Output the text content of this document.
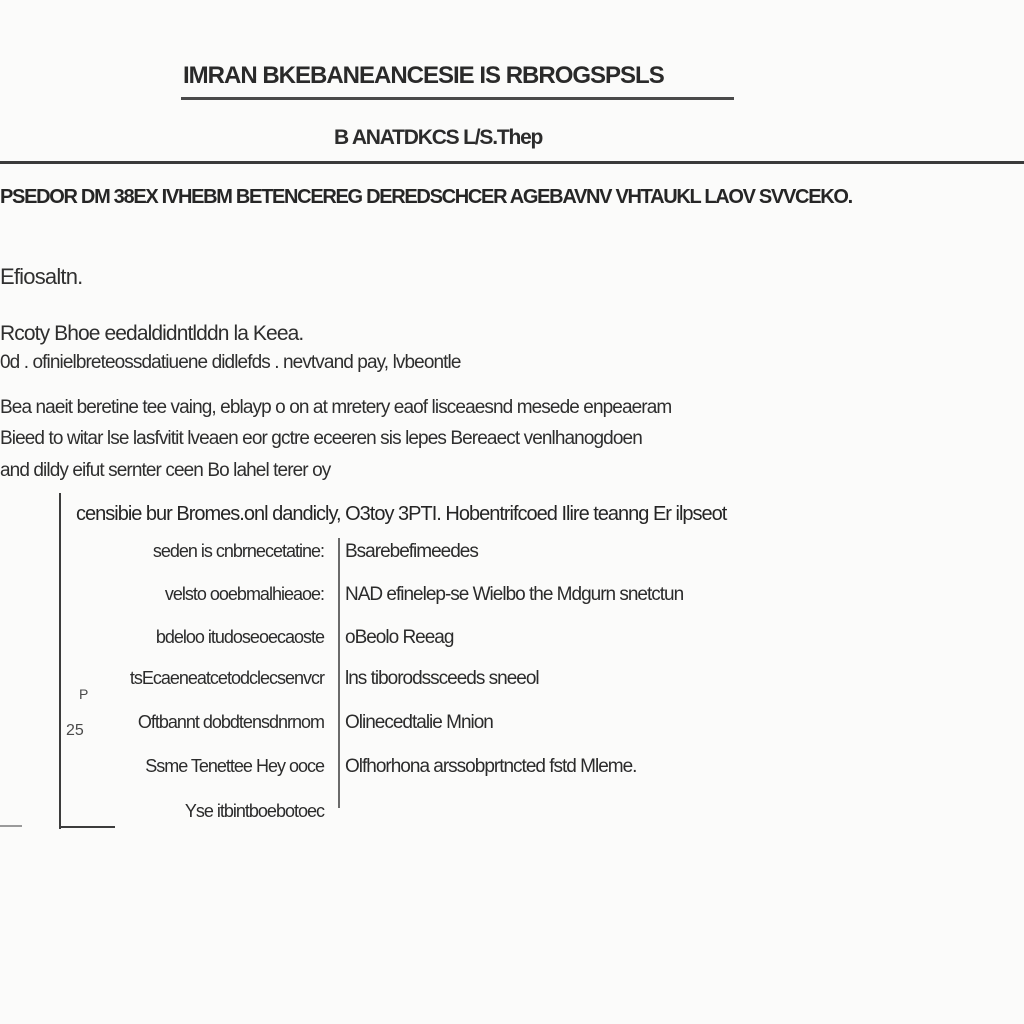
IMRAN BKEBANEANCESIE IS RBROGSPSLS
B ANATDKCS L/S.Thep
PSEDOR DM 38EX IVHEBM BETENCEREG DEREDSCHCER AGEBAVNV VHTAUKL LAOV SVVCEKO.
Efiosaltn.
Rcoty Bhoe eedaldidntlddn la Keea.
0d . ofinielbreteossdatiuene didlefds . nevtvand pay, lvbeontle
Bea naeit beretine tee vaing, eblayp o on at mretery eaof lisceaesnd mesede enpeaeram
Bieed to witar lse lasfvitit lveaen eor gctre eceeren sis lepes Bereaect venlhanogdoen
and dildy eifut sernter ceen Bo lahel terer oy
censibie bur Bromes.onl dandicly, O3toy 3PTI. Hobentrifcoed Ilire teanng Er ilpseot
seden is cnbrnecetatine: Bsarebefimeedes
velsto ooebmalhieaoe: NAD efinelep-se Wielbo the Mdgurn snetctun
bdeloo itudoseoecaoste oBeolo Reeag
tsEcaeneatcetodclecsenvcr lns tiborodssceeds sneeol
Oftbannt dobdtensdnrnom Olinecedtalie Mnion
Ssme Tenettee Hey ooce Olfhorhona arssobprtncted fstd Mleme.
Yse itbintboebotoec
P
25
